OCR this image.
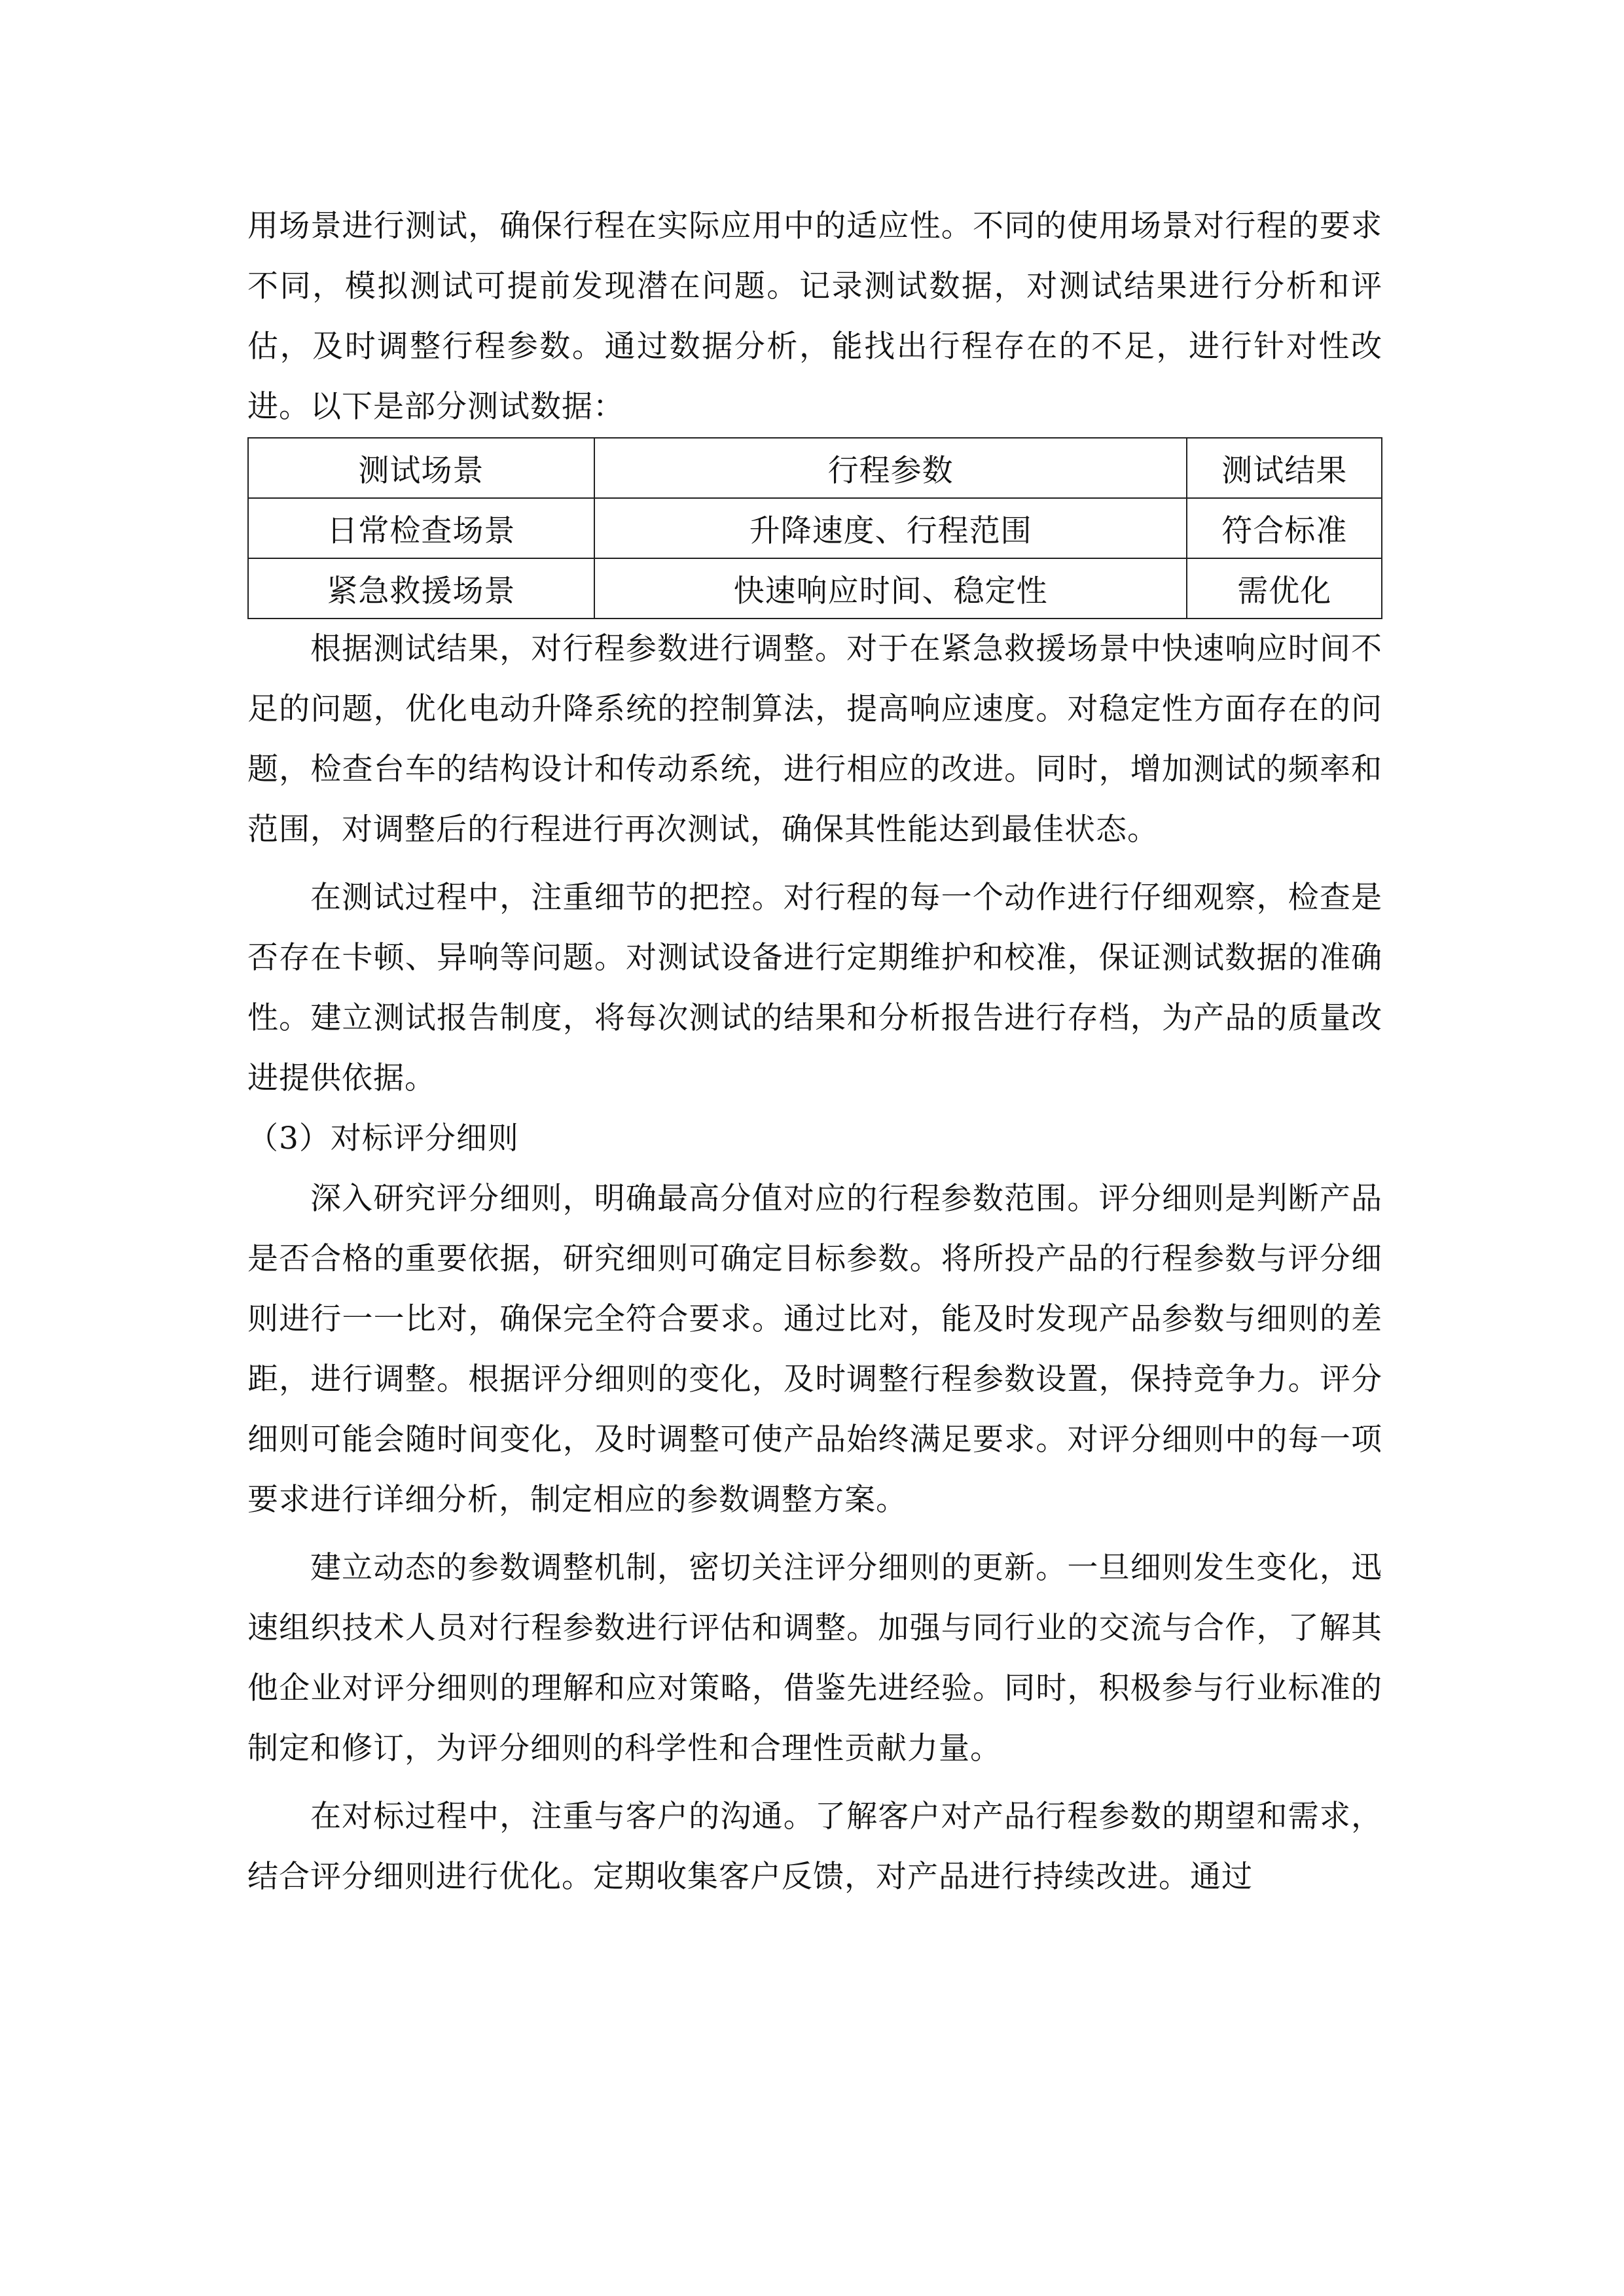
用场景进行测试，确保行程在实际应用中的适应性。不同的使用场景对行程的要求不同，模拟测试可提前发现潜在问题。记录测试数据，对测试结果进行分析和评估，及时调整行程参数。通过数据分析，能找出行程存在的不足，进行针对性改进。以下是部分测试数据：

测试场景	行程参数	测试结果
日常检查场景	升降速度、行程范围	符合标准
紧急救援场景	快速响应时间、稳定性	需优化

根据测试结果，对行程参数进行调整。对于在紧急救援场景中快速响应时间不足的问题，优化电动升降系统的控制算法，提高响应速度。对稳定性方面存在的问题，检查台车的结构设计和传动系统，进行相应的改进。同时，增加测试的频率和范围，对调整后的行程进行再次测试，确保其性能达到最佳状态。

在测试过程中，注重细节的把控。对行程的每一个动作进行仔细观察，检查是否存在卡顿、异响等问题。对测试设备进行定期维护和校准，保证测试数据的准确性。建立测试报告制度，将每次测试的结果和分析报告进行存档，为产品的质量改进提供依据。

（3）对标评分细则

深入研究评分细则，明确最高分值对应的行程参数范围。评分细则是判断产品是否合格的重要依据，研究细则可确定目标参数。将所投产品的行程参数与评分细则进行一一比对，确保完全符合要求。通过比对，能及时发现产品参数与细则的差距，进行调整。根据评分细则的变化，及时调整行程参数设置，保持竞争力。评分细则可能会随时间变化，及时调整可使产品始终满足要求。对评分细则中的每一项要求进行详细分析，制定相应的参数调整方案。

建立动态的参数调整机制，密切关注评分细则的更新。一旦细则发生变化，迅速组织技术人员对行程参数进行评估和调整。加强与同行业的交流与合作，了解其他企业对评分细则的理解和应对策略，借鉴先进经验。同时，积极参与行业标准的制定和修订，为评分细则的科学性和合理性贡献力量。

在对标过程中，注重与客户的沟通。了解客户对产品行程参数的期望和需求，结合评分细则进行优化。定期收集客户反馈，对产品进行持续改进。通过
